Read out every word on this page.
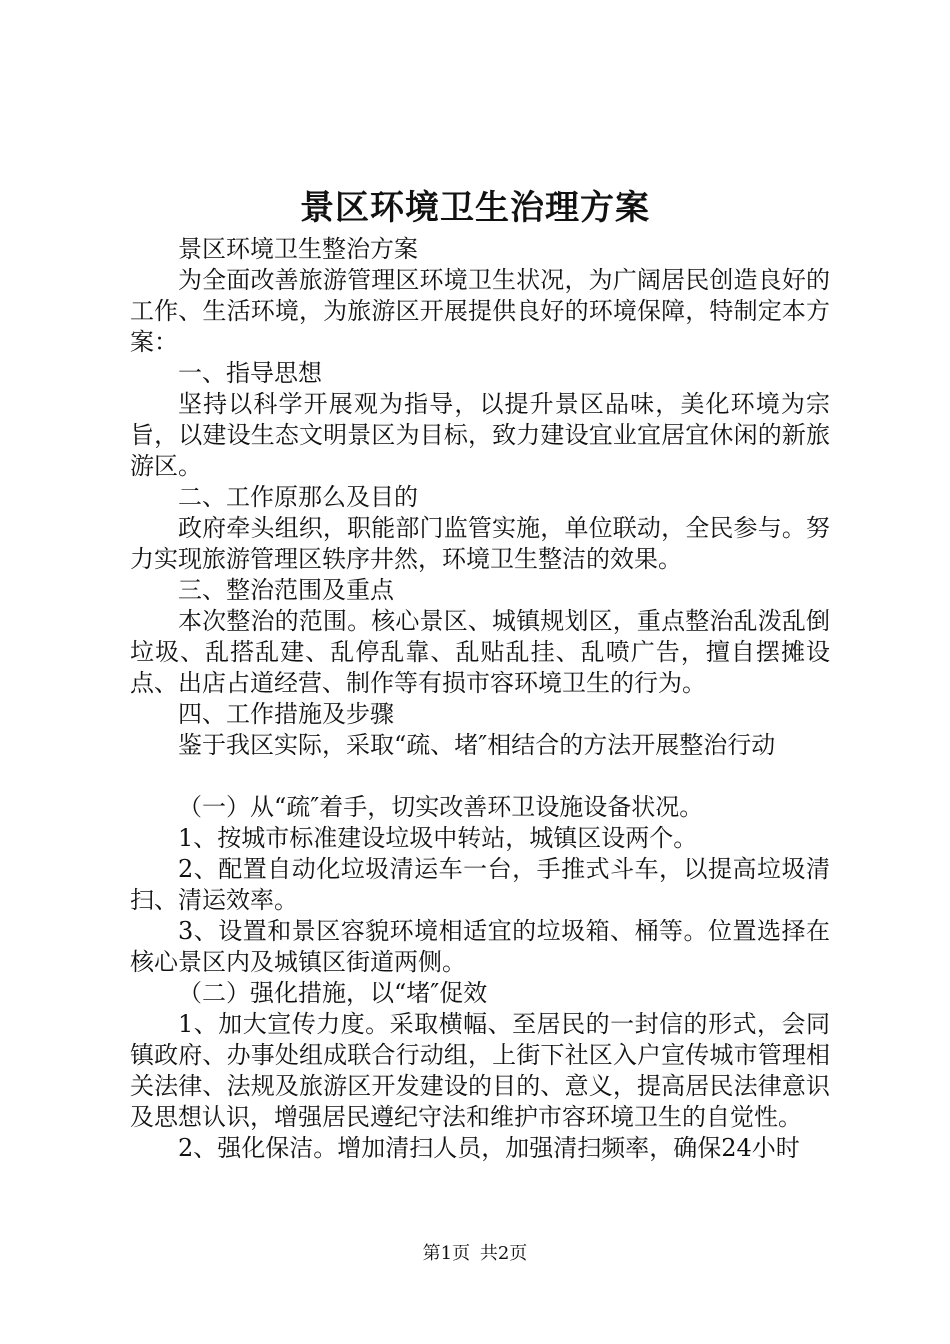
景区环境卫生治理方案

景区环境卫生整治方案

为全面改善旅游管理区环境卫生状况，为广阔居民创造良好的工作、生活环境，为旅游区开展提供良好的环境保障，特制定本方案：

一、指导思想

坚持以科学开展观为指导，以提升景区品味，美化环境为宗旨，以建设生态文明景区为目标，致力建设宜业宜居宜休闲的新旅游区。

二、工作原那么及目的

政府牵头组织，职能部门监管实施，单位联动，全民参与。努力实现旅游管理区轶序井然，环境卫生整洁的效果。

三、整治范围及重点

本次整治的范围。核心景区、城镇规划区，重点整治乱泼乱倒垃圾、乱搭乱建、乱停乱靠、乱贴乱挂、乱喷广告，擅自摆摊设点、出店占道经营、制作等有损市容环境卫生的行为。

四、工作措施及步骤

鉴于我区实际，采取“疏、堵″相结合的方法开展整治行动

（一）从“疏″着手，切实改善环卫设施设备状况。

1、按城市标准建设垃圾中转站，城镇区设两个。

2、配置自动化垃圾清运车一台，手推式斗车，以提高垃圾清扫、清运效率。

3、设置和景区容貌环境相适宜的垃圾箱、桶等。位置选择在核心景区内及城镇区街道两侧。

（二）强化措施，以“堵″促效

1、加大宣传力度。采取横幅、至居民的一封信的形式，会同镇政府、办事处组成联合行动组，上街下社区入户宣传城市管理相关法律、法规及旅游区开发建设的目的、意义，提高居民法律意识及思想认识，增强居民遵纪守法和维护市容环境卫生的自觉性。

2、强化保洁。增加清扫人员，加强清扫频率，确保24小时

第1页 共2页
